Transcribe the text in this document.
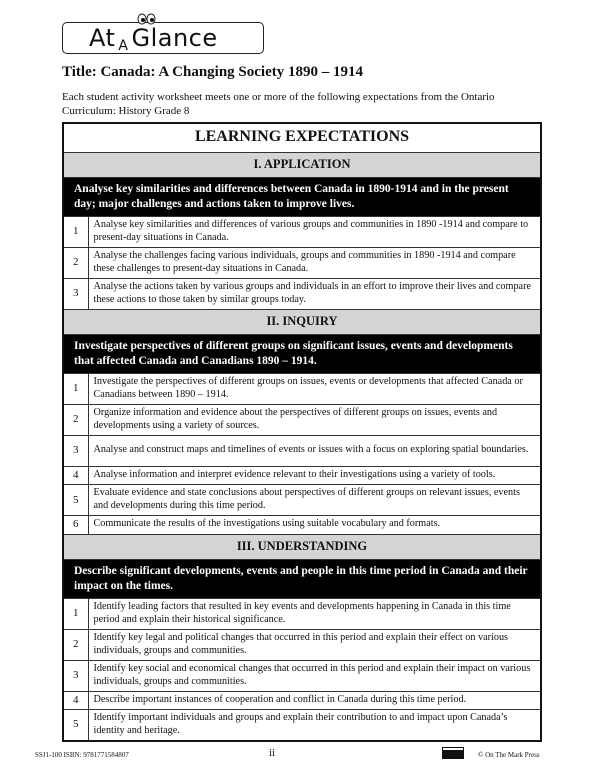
At A Glance
Title: Canada: A Changing Society 1890 – 1914
Each student activity worksheet meets one or more of the following expectations from the Ontario Curriculum: History Grade 8
LEARNING EXPECTATIONS	
I. APPLICATION	
Analyse key similarities and differences between Canada in 1890-1914 and in the present day; major challenges and actions taken to improve lives.	
1	Analyse key similarities and differences of various groups and communities in 1890 -1914 and compare to present-day situations in Canada.
2	Analyse the challenges facing various individuals, groups and communities in 1890 -1914 and compare these challenges to present-day situations in Canada.
3	Analyse the actions taken by various groups and individuals in an effort to improve their lives and compare these actions to those taken by similar groups today.
II. INQUIRY	
Investigate perspectives of different groups on significant issues, events and developments that affected Canada and Canadians 1890 – 1914.	
1	Investigate the perspectives of different groups on issues, events or developments that affected Canada or Canadians between 1890 – 1914.
2	Organize information and evidence about the perspectives of different groups on issues, events and developments using a variety of sources.
3	Analyse and construct maps and timelines of events or issues with a focus on exploring spatial boundaries.
4	Analyse information and interpret evidence relevant to their investigations using a variety of tools.
5	Evaluate evidence and state conclusions about perspectives of different groups on relevant issues, events and developments during this time period.
6	Communicate the results of the investigations using suitable vocabulary and formats.
III. UNDERSTANDING	
Describe significant developments, events and people in this time period in Canada and their impact on the times.	
1	Identify leading factors that resulted in key events and developments happening in Canada in this time period and explain their historical significance.
2	Identify key legal and political changes that occurred in this period and explain their effect on various individuals, groups and communities.
3	Identify key social and economical changes that occurred in this period and explain their impact on various individuals, groups and communities.
4	Describe important instances of cooperation and conflict in Canada during this time period.
5	Identify important individuals and groups and explain their contribution to and impact upon Canada’s identity and heritage.
SSJ1-100 ISBN: 9781771584807	ii	© On The Mark Press
